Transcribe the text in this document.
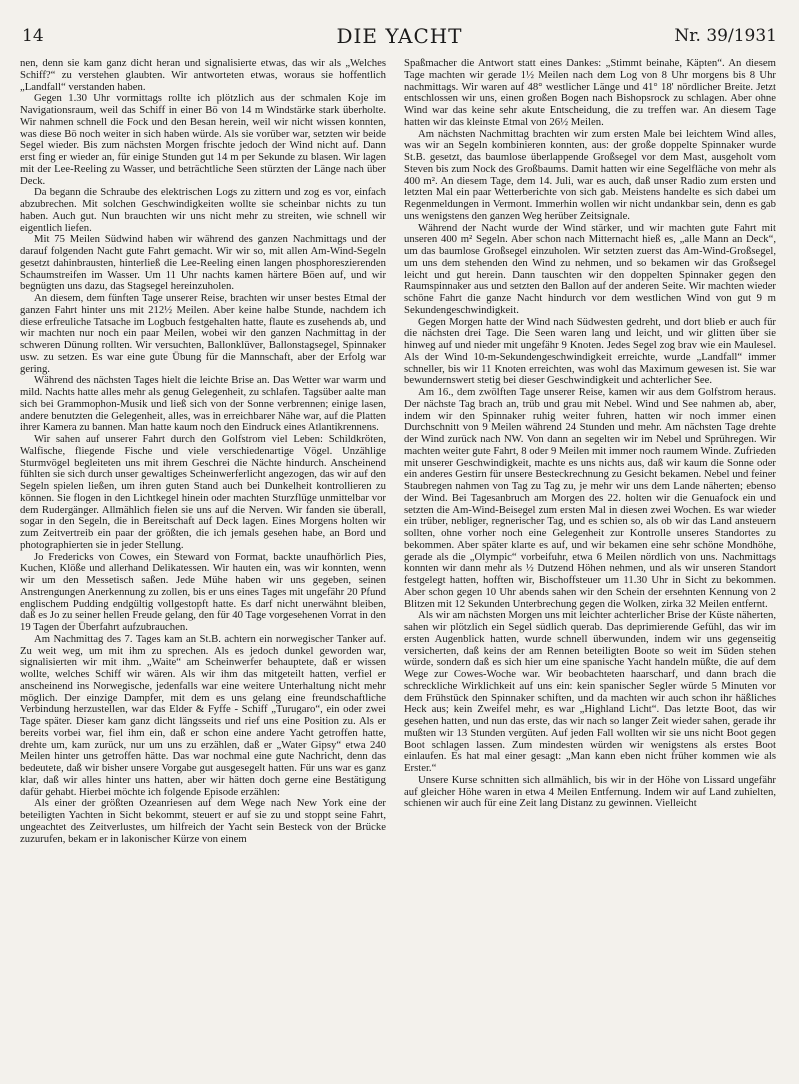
14	DIE YACHT	Nr. 39/1931

nen, denn sie kam ganz dicht heran und signalisierte etwas, das wir als „Welches Schiff?“ zu verstehen glaubten. Wir antworteten etwas, woraus sie hoffentlich „Landfall“ verstanden haben.

Gegen 1.30 Uhr vormittags rollte ich plötzlich aus der schmalen Koje im Navigationsraum, weil das Schiff in einer Bö von 14 m Windstärke stark überholte. Wir nahmen schnell die Fock und den Besan herein, weil wir nicht wissen konnten, was diese Bö noch weiter in sich haben würde. Als sie vorüber war, setzten wir beide Segel wieder. Bis zum nächsten Morgen frischte jedoch der Wind nicht auf. Dann erst fing er wieder an, für einige Stunden gut 14 m per Sekunde zu blasen. Wir lagen mit der Lee-Reeling zu Wasser, und beträchtliche Seen stürzten der Länge nach über Deck.

Da begann die Schraube des elektrischen Logs zu zittern und zog es vor, einfach abzubrechen. Mit solchen Geschwindigkeiten wollte sie scheinbar nichts zu tun haben. Auch gut. Nun brauchten wir uns nicht mehr zu streiten, wie schnell wir eigentlich liefen.

Mit 75 Meilen Südwind haben wir während des ganzen Nachmittags und der darauf folgenden Nacht gute Fahrt gemacht. Wir wir so, mit allen Am-Wind-Segeln gesetzt dahinbrausten, hinterließ die Lee-Reeling einen langen phosphoreszierenden Schaumstreifen im Wasser. Um 11 Uhr nachts kamen härtere Böen auf, und wir begnügten uns dazu, das Stagsegel hereinzuholen.

An diesem, dem fünften Tage unserer Reise, brachten wir unser bestes Etmal der ganzen Fahrt hinter uns mit 212½ Meilen. Aber keine halbe Stunde, nachdem ich diese erfreuliche Tatsache im Logbuch festgehalten hatte, flaute es zusehends ab, und wir machten nur noch ein paar Meilen, wobei wir den ganzen Nachmittag in der schweren Dünung rollten. Wir versuchten, Ballonklüver, Ballonstagsegel, Spinnaker usw. zu setzen. Es war eine gute Übung für die Mannschaft, aber der Erfolg war gering.

Während des nächsten Tages hielt die leichte Brise an. Das Wetter war warm und mild. Nachts hatte alles mehr als genug Gelegenheit, zu schlafen. Tagsüber aalte man sich bei Grammophon-Musik und ließ sich von der Sonne verbrennen; einige lasen, andere benutzten die Gelegenheit, alles, was in erreichbarer Nähe war, auf die Platten ihrer Kamera zu bannen. Man hatte kaum noch den Eindruck eines Atlantikrennens.

Wir sahen auf unserer Fahrt durch den Golfstrom viel Leben: Schildkröten, Walfische, fliegende Fische und viele verschiedenartige Vögel. Unzählige Sturmvögel begleiteten uns mit ihrem Geschrei die Nächte hindurch. Anscheinend fühlten sie sich durch unser gewaltiges Scheinwerferlicht angezogen, das wir auf den Segeln spielen ließen, um ihren guten Stand auch bei Dunkelheit kontrollieren zu können. Sie flogen in den Lichtkegel hinein oder machten Sturzflüge unmittelbar vor dem Rudergänger. Allmählich fielen sie uns auf die Nerven. Wir fanden sie überall, sogar in den Segeln, die in Bereitschaft auf Deck lagen. Eines Morgens holten wir zum Zeitvertreib ein paar der größten, die ich jemals gesehen habe, an Bord und photographierten sie in jeder Stellung.

Jo Fredericks von Cowes, ein Steward von Format, backte unaufhörlich Pies, Kuchen, Klöße und allerhand Delikatessen. Wir hauten ein, was wir konnten, wenn wir um den Messetisch saßen. Jede Mühe haben wir uns gegeben, seinen Anstrengungen Anerkennung zu zollen, bis er uns eines Tages mit ungefähr 20 Pfund englischem Pudding endgültig vollgestopft hatte. Es darf nicht unerwähnt bleiben, daß es Jo zu seiner hellen Freude gelang, den für 40 Tage vorgesehenen Vorrat in den 19 Tagen der Überfahrt aufzubrauchen.

Am Nachmittag des 7. Tages kam an St.B. achtern ein norwegischer Tanker auf. Zu weit weg, um mit ihm zu sprechen. Als es jedoch dunkel geworden war, signalisierten wir mit ihm. „Waite“ am Scheinwerfer behauptete, daß er wissen wollte, welches Schiff wir wären. Als wir ihm das mitgeteilt hatten, verfiel er anscheinend ins Norwegische, jedenfalls war eine weitere Unterhaltung nicht mehr möglich. Der einzige Dampfer, mit dem es uns gelang eine freundschaftliche Verbindung herzustellen, war das Elder & Fyffe - Schiff „Turugaro“, ein oder zwei Tage später. Dieser kam ganz dicht längsseits und rief uns eine Position zu. Als er bereits vorbei war, fiel ihm ein, daß er schon eine andere Yacht getroffen hatte, drehte um, kam zurück, nur um uns zu erzählen, daß er „Water Gipsy“ etwa 240 Meilen hinter uns getroffen hätte. Das war nochmal eine gute Nachricht, denn das bedeutete, daß wir bisher unsere Vorgabe gut ausgesegelt hatten. Für uns war es ganz klar, daß wir alles hinter uns hatten, aber wir hätten doch gerne eine Bestätigung dafür gehabt. Hierbei möchte ich folgende Episode erzählen:

Als einer der größten Ozeanriesen auf dem Wege nach New York eine der beteiligten Yachten in Sicht bekommt, steuert er auf sie zu und stoppt seine Fahrt, ungeachtet des Zeitverlustes, um hilfreich der Yacht sein Besteck von der Brücke zuzurufen, bekam er in lakonischer Kürze von einem

Spaßmacher die Antwort statt eines Dankes: „Stimmt beinahe, Käpten“. An diesem Tage machten wir gerade 1½ Meilen nach dem Log von 8 Uhr morgens bis 8 Uhr nachmittags. Wir waren auf 48° westlicher Länge und 41° 18' nördlicher Breite. Jetzt entschlossen wir uns, einen großen Bogen nach Bishopsrock zu schlagen. Aber ohne Wind war das keine sehr akute Entscheidung, die zu treffen war. An diesem Tage hatten wir das kleinste Etmal von 26½ Meilen.

Am nächsten Nachmittag brachten wir zum ersten Male bei leichtem Wind alles, was wir an Segeln kombinieren konnten, aus: der große doppelte Spinnaker wurde St.B. gesetzt, das baumlose überlappende Großsegel vor dem Mast, ausgeholt vom Steven bis zum Nock des Großbaums. Damit hatten wir eine Segelfläche von mehr als 400 m². An diesem Tage, dem 14. Juli, war es auch, daß unser Radio zum ersten und letzten Mal ein paar Wetterberichte von sich gab. Meistens handelte es sich dabei um Regenmeldungen in Vermont. Immerhin wollen wir nicht undankbar sein, denn es gab uns wenigstens den ganzen Weg herüber Zeitsignale.

Während der Nacht wurde der Wind stärker, und wir machten gute Fahrt mit unseren 400 m² Segeln. Aber schon nach Mitternacht hieß es, „alle Mann an Deck“, um das baumlose Großsegel einzuholen. Wir setzten zuerst das Am-Wind-Großsegel, um uns dem stehenden den Wind zu nehmen, und so bekamen wir das Großsegel leicht und gut herein. Dann tauschten wir den doppelten Spinnaker gegen den Raumspinnaker aus und setzten den Ballon auf der anderen Seite. Wir machten wieder schöne Fahrt die ganze Nacht hindurch vor dem westlichen Wind von gut 9 m Sekundengeschwindigkeit.

Gegen Morgen hatte der Wind nach Südwesten gedreht, und dort blieb er auch für die nächsten drei Tage. Die Seen waren lang und leicht, und wir glitten über sie hinweg auf und nieder mit ungefähr 9 Knoten. Jedes Segel zog brav wie ein Maulesel. Als der Wind 10-m-Sekundengeschwindigkeit erreichte, wurde „Landfall“ immer schneller, bis wir 11 Knoten erreichten, was wohl das Maximum gewesen ist. Sie war bewundernswert stetig bei dieser Geschwindigkeit und achterlicher See.

Am 16., dem zwölften Tage unserer Reise, kamen wir aus dem Golfstrom heraus. Der nächste Tag brach an, trüb und grau mit Nebel. Wind und See nahmen ab, aber, indem wir den Spinnaker ruhig weiter fuhren, hatten wir noch immer einen Durchschnitt von 9 Meilen während 24 Stunden und mehr. Am nächsten Tage drehte der Wind zurück nach NW. Von dann an segelten wir im Nebel und Sprühregen. Wir machten weiter gute Fahrt, 8 oder 9 Meilen mit immer noch raumem Winde. Zufrieden mit unserer Geschwindigkeit, machte es uns nichts aus, daß wir kaum die Sonne oder ein anderes Gestirn für unsere Besteckrechnung zu Gesicht bekamen. Nebel und feiner Staubregen nahmen von Tag zu Tag zu, je mehr wir uns dem Lande näherten; ebenso der Wind. Bei Tagesanbruch am Morgen des 22. holten wir die Genuafock ein und setzten die Am-Wind-Beisegel zum ersten Mal in diesen zwei Wochen. Es war wieder ein trüber, nebliger, regnerischer Tag, und es schien so, als ob wir das Land ansteuern sollten, ohne vorher noch eine Gelegenheit zur Kontrolle unseres Standortes zu bekommen. Aber später klarte es auf, und wir bekamen eine sehr schöne Mondhöhe, gerade als die „Olympic“ vorbeifuhr, etwa 6 Meilen nördlich von uns. Nachmittags konnten wir dann mehr als ½ Dutzend Höhen nehmen, und als wir unseren Standort festgelegt hatten, hofften wir, Bischoffsteuer um 11.30 Uhr in Sicht zu bekommen. Aber schon gegen 10 Uhr abends sahen wir den Schein der ersehnten Kennung von 2 Blitzen mit 12 Sekunden Unterbrechung gegen die Wolken, zirka 32 Meilen entfernt.

Als wir am nächsten Morgen uns mit leichter achterlicher Brise der Küste näherten, sahen wir plötzlich ein Segel südlich querab. Das deprimierende Gefühl, das wir im ersten Augenblick hatten, wurde schnell überwunden, indem wir uns gegenseitig versicherten, daß keins der am Rennen beteiligten Boote so weit im Süden stehen würde, sondern daß es sich hier um eine spanische Yacht handeln müßte, die auf dem Wege zur Cowes-Woche war. Wir beobachteten haarscharf, und dann brach die schreckliche Wirklichkeit auf uns ein: kein spanischer Segler würde 5 Minuten vor dem Frühstück den Spinnaker schiften, und da machten wir auch schon ihr häßliches Heck aus; kein Zweifel mehr, es war „Highland Licht“. Das letzte Boot, das wir gesehen hatten, und nun das erste, das wir nach so langer Zeit wieder sahen, gerade ihr mußten wir 13 Stunden vergüten. Auf jeden Fall wollten wir sie uns nicht Boot gegen Boot schlagen lassen. Zum mindesten würden wir wenigstens als erstes Boot einlaufen. Es hat mal einer gesagt: „Man kann eben nicht früher kommen wie als Erster.“

Unsere Kurse schnitten sich allmählich, bis wir in der Höhe von Lissard ungefähr auf gleicher Höhe waren in etwa 4 Meilen Entfernung. Indem wir auf Land zuhielten, schienen wir auch für eine Zeit lang Distanz zu gewinnen. Vielleicht
